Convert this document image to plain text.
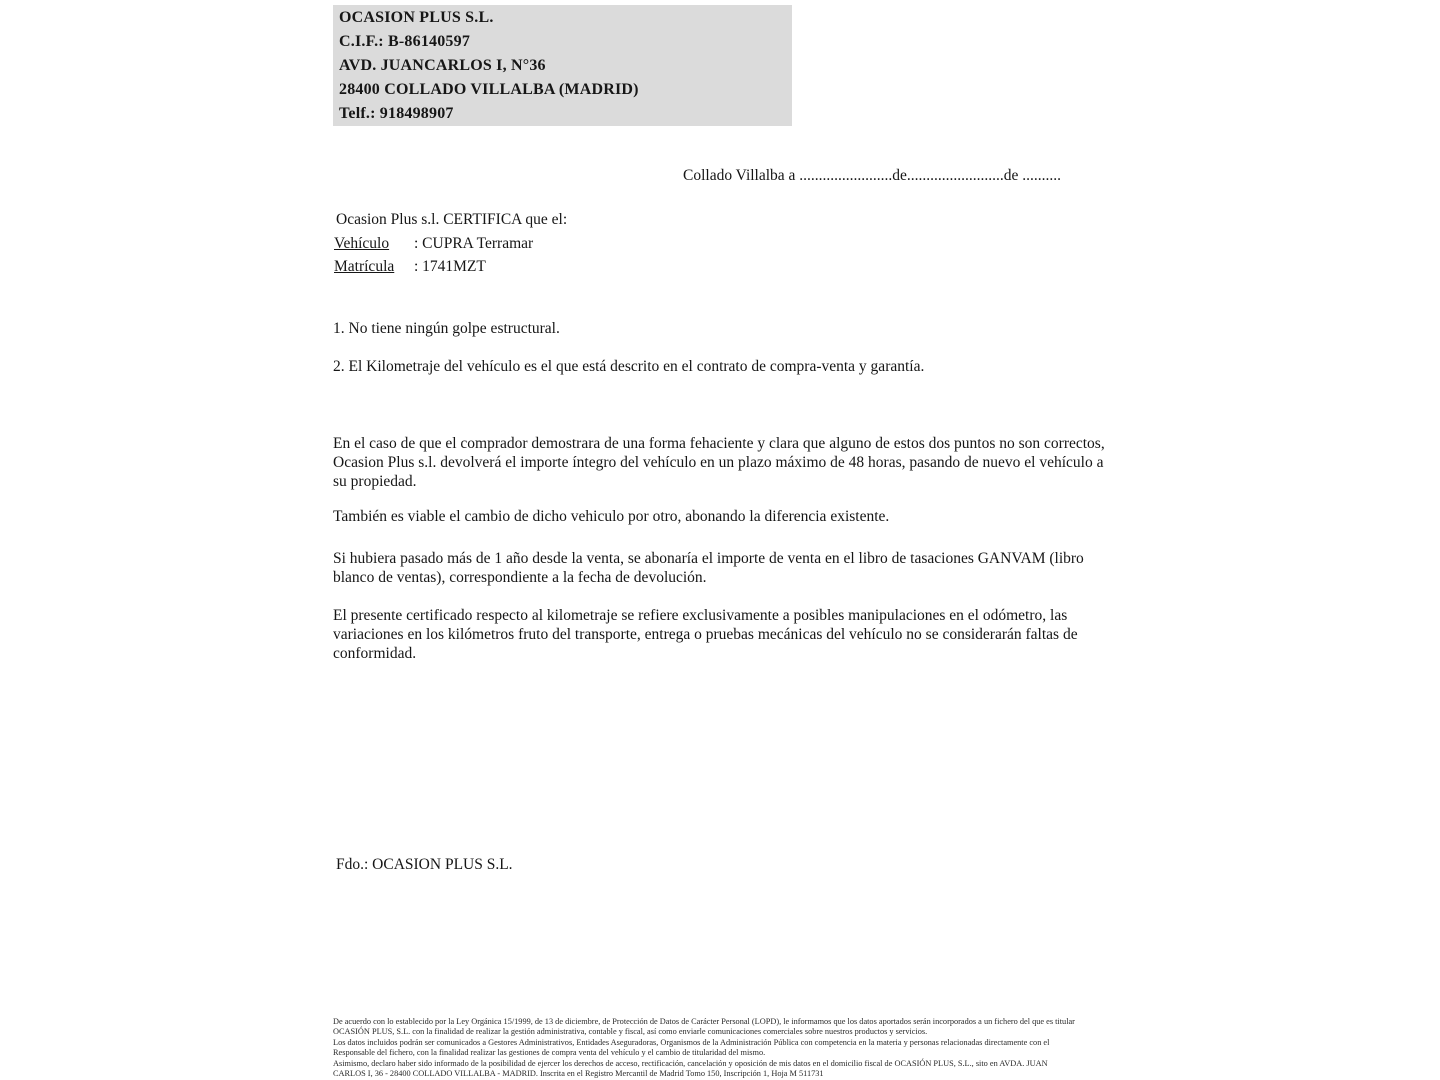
OCASION PLUS S.L.
C.I.F.: B-86140597
AVD. JUANCARLOS I, N°36
28400 COLLADO VILLALBA (MADRID)
Telf.: 918498907
Collado Villalba a ........................de.........................de ..........
Ocasion Plus s.l. CERTIFICA que el:
Vehículo : CUPRA Terramar
Matrícula : 1741MZT
1. No tiene ningún golpe estructural.
2. El Kilometraje del vehículo es el que está descrito en el contrato de compra-venta y garantía.
En el caso de que el comprador demostrara de una forma fehaciente y clara que alguno de estos dos puntos no son correctos, Ocasion Plus s.l. devolverá el importe íntegro del vehículo en un plazo máximo de 48 horas, pasando de nuevo el vehículo a su propiedad.
También es viable el cambio de dicho vehiculo por otro, abonando la diferencia existente.
Si hubiera pasado más de 1 año desde la venta, se abonaría el importe de venta en el libro de tasaciones GANVAM (libro blanco de ventas), correspondiente a la fecha de devolución.
El presente certificado respecto al kilometraje se refiere exclusivamente a posibles manipulaciones en el odómetro, las variaciones en los kilómetros fruto del transporte, entrega o pruebas mecánicas del vehículo no se considerarán faltas de conformidad.
Fdo.: OCASION PLUS S.L.
De acuerdo con lo establecido por la Ley Orgánica 15/1999, de 13 de diciembre, de Protección de Datos de Carácter Personal (LOPD), le informamos que los datos aportados serán incorporados a un fichero del que es titular
OCASIÓN PLUS, S.L. con la finalidad de realizar la gestión administrativa, contable y fiscal, así como enviarle comunicaciones comerciales sobre nuestros productos y servicios.
Los datos incluidos podrán ser comunicados a Gestores Administrativos, Entidades Aseguradoras, Organismos de la Administración Pública con competencia en la materia y personas relacionadas directamente con el
Responsable del fichero, con la finalidad realizar las gestiones de compra venta del vehículo y el cambio de titularidad del mismo.
Asimismo, declaro haber sido informado de la posibilidad de ejercer los derechos de acceso, rectificación, cancelación y oposición de mis datos en el domicilio fiscal de OCASIÓN PLUS, S.L., sito en AVDA. JUAN
CARLOS I, 36 - 28400 COLLADO VILLALBA - MADRID. Inscrita en el Registro Mercantil de Madrid Tomo 150, Inscripción 1, Hoja M 511731
